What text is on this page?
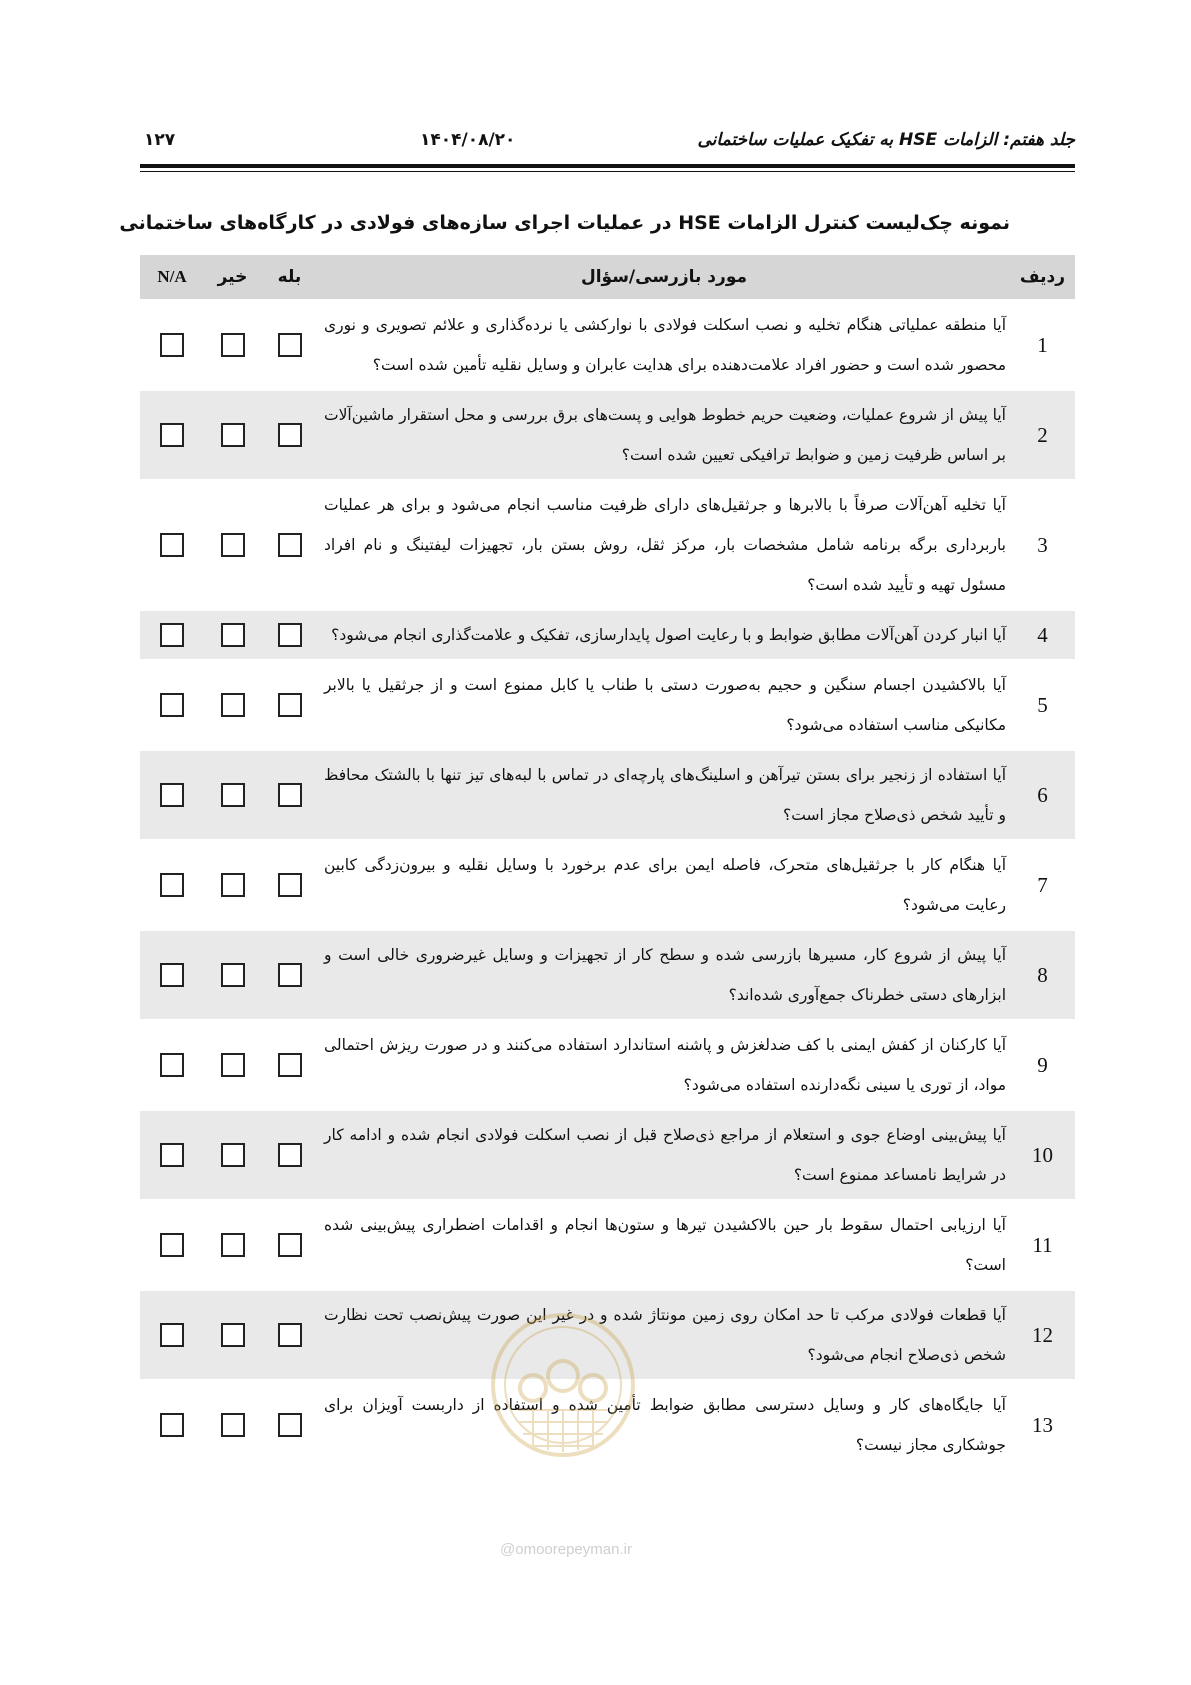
جلد هفتم: الزامات HSE به تفکیک عملیات ساختمانی
۱۴۰۴/۰۸/۲۰
۱۲۷
نمونه چک‌لیست کنترل الزامات HSE در عملیات اجرای سازه‌های فولادی در کارگاه‌های ساختمانی
ردیف	مورد بازرسی/سؤال	بله	خیر	N/A
1	آیا منطقه عملیاتی هنگام تخلیه و نصب اسکلت فولادی با نوارکشی یا نرده‌گذاری و علائم تصویری و نوری محصور شده است و حضور افراد علامت‌دهنده برای هدایت عابران و وسایل نقلیه تأمین شده است؟			
2	آیا پیش از شروع عملیات، وضعیت حریم خطوط هوایی و پست‌های برق بررسی و محل استقرار ماشین‌آلات بر اساس ظرفیت زمین و ضوابط ترافیکی تعیین شده است؟			
3	آیا تخلیه آهن‌آلات صرفاً با بالابرها و جرثقیل‌های دارای ظرفیت مناسب انجام می‌شود و برای هر عملیات باربرداری برگه برنامه شامل مشخصات بار، مرکز ثقل، روش بستن بار، تجهیزات لیفتینگ و نام افراد مسئول تهیه و تأیید شده است؟			
4	آیا انبار کردن آهن‌آلات مطابق ضوابط و با رعایت اصول پایدارسازی، تفکیک و علامت‌گذاری انجام می‌شود؟			
5	آیا بالاکشیدن اجسام سنگین و حجیم به‌صورت دستی با طناب یا کابل ممنوع است و از جرثقیل یا بالابر مکانیکی مناسب استفاده می‌شود؟			
6	آیا استفاده از زنجیر برای بستن تیرآهن و اسلینگ‌های پارچه‌ای در تماس با لبه‌های تیز تنها با بالشتک محافظ و تأیید شخص ذی‌صلاح مجاز است؟			
7	آیا هنگام کار با جرثقیل‌های متحرک، فاصله ایمن برای عدم برخورد با وسایل نقلیه و بیرون‌زدگی کابین رعایت می‌شود؟			
8	آیا پیش از شروع کار، مسیرها بازرسی شده و سطح کار از تجهیزات و وسایل غیرضروری خالی است و ابزارهای دستی خطرناک جمع‌آوری شده‌اند؟			
9	آیا کارکنان از کفش ایمنی با کف ضدلغزش و پاشنه استاندارد استفاده می‌کنند و در صورت ریزش احتمالی مواد، از توری یا سینی نگه‌دارنده استفاده می‌شود؟			
10	آیا پیش‌بینی اوضاع جوی و استعلام از مراجع ذی‌صلاح قبل از نصب اسکلت فولادی انجام شده و ادامه کار در شرایط نامساعد ممنوع است؟			
11	آیا ارزیابی احتمال سقوط بار حین بالاکشیدن تیرها و ستون‌ها انجام و اقدامات اضطراری پیش‌بینی شده است؟			
12	آیا قطعات فولادی مرکب تا حد امکان روی زمین مونتاژ شده و در غیر این صورت پیش‌نصب تحت نظارت شخص ذی‌صلاح انجام می‌شود؟			
13	آیا جایگاه‌های کار و وسایل دسترسی مطابق ضوابط تأمین شده و استفاده از داربست آویزان برای جوشکاری مجاز نیست؟			
@omoorepeyman.ir
